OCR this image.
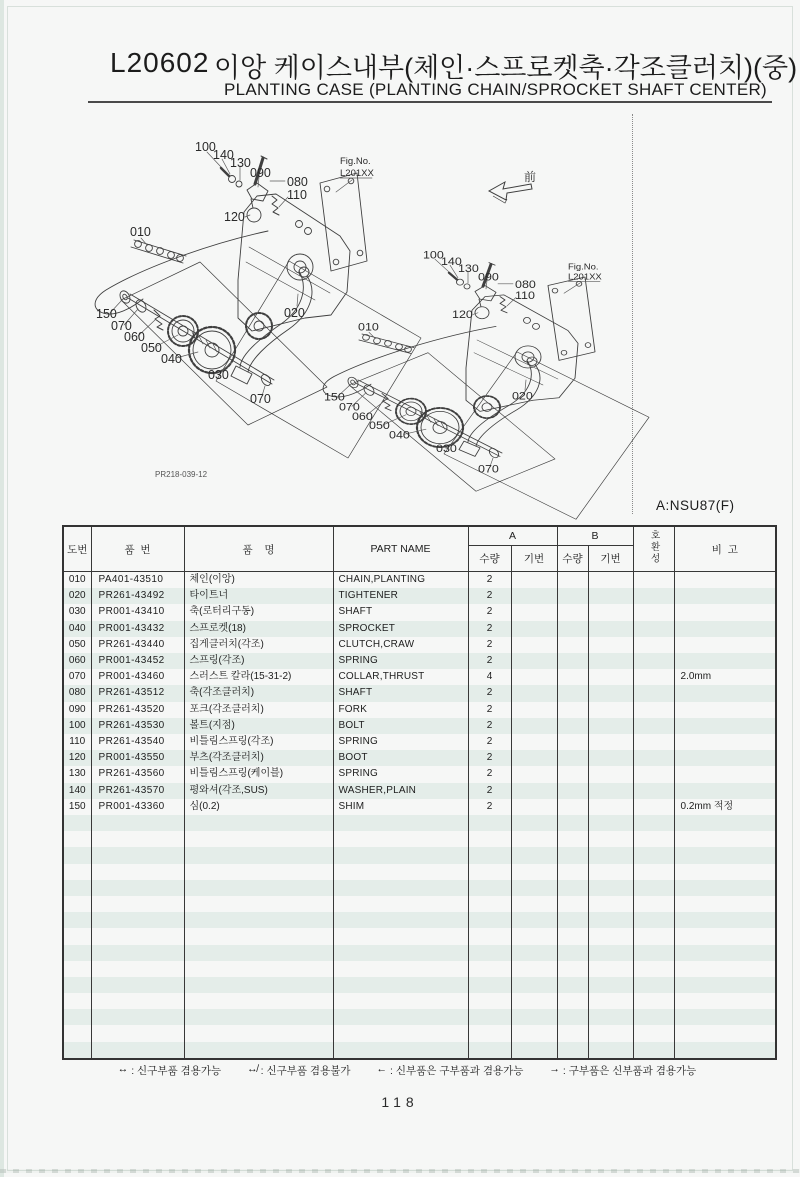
L20602 이앙 케이스내부(체인·스프로켓축·각조클러치)(중)
PLANTING CASE (PLANTING CHAIN/SPROCKET SHAFT CENTER)
A:NSU87(F)
PR218-039-12
前
도번	품  번	품    명	PART NAME	A		B		호환성	비  고
				수량	기번	수량	기번		
010	PA401-43510	체인(이앙)	CHAIN,PLANTING	2					
020	PR261-43492	타이트너	TIGHTENER	2					
030	PR001-43410	축(로터리구동)	SHAFT	2					
040	PR001-43432	스프로켓(18)	SPROCKET	2					
050	PR261-43440	집게클러치(각조)	CLUTCH,CRAW	2					
060	PR001-43452	스프링(각조)	SPRING	2					
070	PR001-43460	스러스트 칼라(15-31-2)	COLLAR,THRUST	4					2.0mm
080	PR261-43512	축(각조클러치)	SHAFT	2					
090	PR261-43520	포크(각조클러치)	FORK	2					
100	PR261-43530	볼트(지점)	BOLT	2					
110	PR261-43540	비틀림스프링(각조)	SPRING	2					
120	PR001-43550	부츠(각조클러치)	BOOT	2					
130	PR261-43560	비틀림스프링(케이블)	SPRING	2					
140	PR261-43570	평와셔(각조,SUS)	WASHER,PLAIN	2					
150	PR001-43360	심(0.2)	SHIM	2					0.2mm 적정

↔ : 신구부품 겸용가능 ↮ : 신구부품 겸용불가 ← : 신부품은 구부품과 겸용가능 → : 구부품은 신부품과 겸용가능
118
